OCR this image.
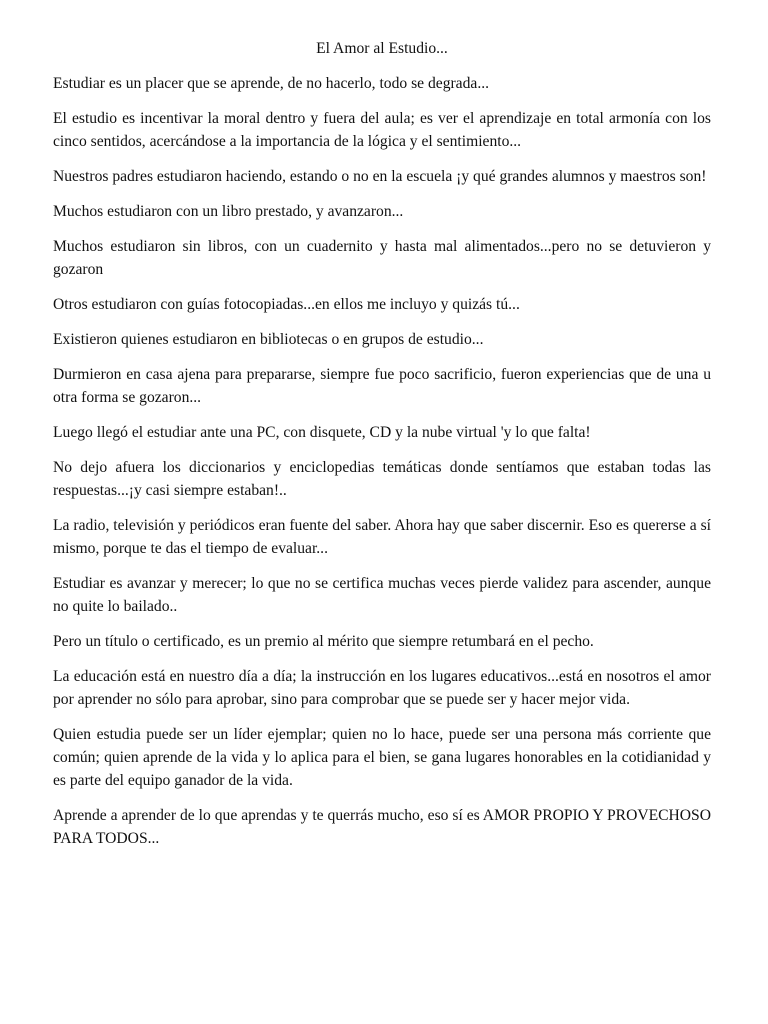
El Amor al Estudio...

Estudiar es un placer que se aprende, de no hacerlo, todo se degrada...

El estudio es incentivar la moral dentro y fuera del aula; es ver el aprendizaje en total armonía con los cinco sentidos, acercándose a la importancia de la lógica y el sentimiento...

Nuestros padres estudiaron haciendo, estando o no en la escuela ¡y qué grandes alumnos y maestros son!

Muchos estudiaron con un libro prestado, y avanzaron...

Muchos estudiaron sin libros, con un cuadernito y hasta mal alimentados...pero no se detuvieron y gozaron

Otros estudiaron con guías fotocopiadas...en ellos me incluyo y quizás tú...

Existieron quienes estudiaron en bibliotecas o en grupos de estudio...

Durmieron en casa ajena para prepararse, siempre fue poco sacrificio, fueron experiencias que de una u otra forma se gozaron...

Luego llegó el estudiar ante una PC, con disquete, CD y la nube virtual 'y lo que falta!

No dejo afuera los diccionarios y enciclopedias temáticas donde sentíamos que estaban todas las respuestas...¡y casi siempre estaban!..

La radio, televisión y periódicos eran fuente del saber. Ahora hay que saber discernir. Eso es quererse a sí mismo, porque te das el tiempo de evaluar...

Estudiar es avanzar y merecer; lo que no se certifica muchas veces pierde validez para ascender, aunque no quite lo bailado..

Pero un título o certificado, es un premio al mérito que siempre retumbará en el pecho.

La educación está en nuestro día a día; la instrucción en los lugares educativos...está en nosotros el amor por aprender no sólo para aprobar, sino para comprobar que se puede ser y hacer mejor vida.

Quien estudia puede ser un líder ejemplar; quien no lo hace, puede ser una persona más corriente que común; quien aprende de la vida y lo aplica para el bien, se gana lugares honorables en la cotidianidad y es parte del equipo ganador de la vida.

Aprende a aprender de lo que aprendas y te querrás mucho, eso sí es AMOR PROPIO Y PROVECHOSO PARA TODOS...
